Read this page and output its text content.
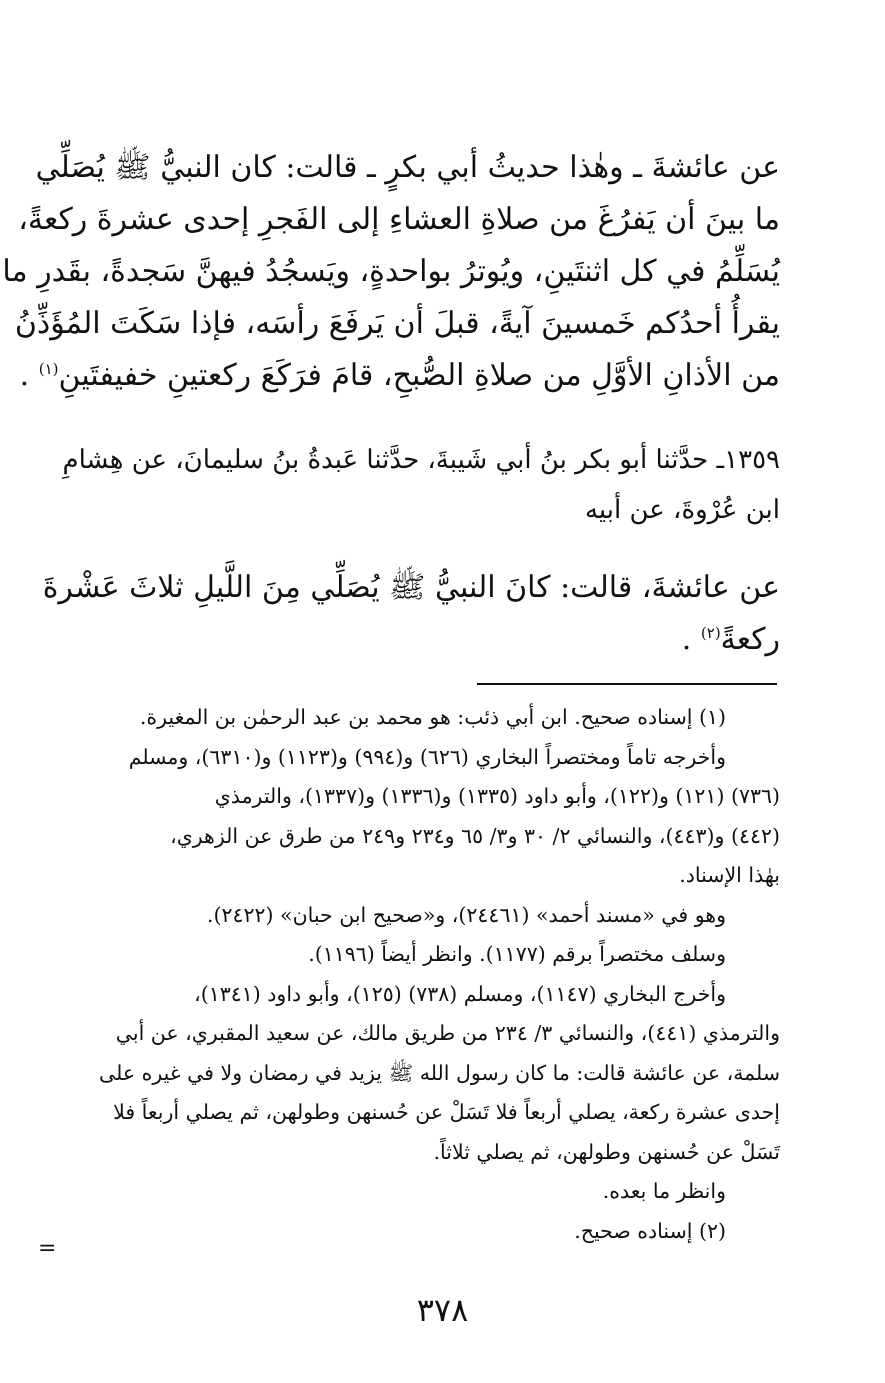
عن عائشةَ ـ وهٰذا حديثُ أبي بكرٍ ـ قالت: كان النبيُّ ﷺ يُصَلِّي

ما بينَ أن يَفرُغَ من صلاةِ العشاءِ إلى الفَجرِ إحدى عشرةَ ركعةً،

يُسَلِّمُ في كل اثنتَينِ، ويُوترُ بواحدةٍ، ويَسجُدُ فيهنَّ سَجدةً، بقَدرِ ما

يقرأُ أحدُكم خَمسينَ آيةً، قبلَ أن يَرفَعَ رأسَه، فإذا سَكَتَ المُؤَذِّنُ

من الأذانِ الأوَّلِ من صلاةِ الصُّبحِ، قامَ فرَكَعَ ركعتينِ خفيفتَينِ$^{(١)}$ .

١٣٥٩ـ حدَّثنا أبو بكر بنُ أبي شَيبةَ، حدَّثنا عَبدةُ بنُ سليمانَ، عن هِشامِ

ابن عُرْوةَ، عن أبيه

عن عائشةَ، قالت: كانَ النبيُّ ﷺ يُصَلِّي مِنَ اللَّيلِ ثلاثَ عَشْرةَ

ركعةً$^{(٢)}$ .

(١) إسناده صحيح. ابن أبي ذئب: هو محمد بن عبد الرحمٰن بن المغيرة.

وأخرجه تاماً ومختصراً البخاري (٦٢٦) و(٩٩٤) و(١١٢٣) و(٦٣١٠)، ومسلم

(٧٣٦) (١٢١) و(١٢٢)، وأبو داود (١٣٣٥) و(١٣٣٦) و(١٣٣٧)، والترمذي

(٤٤٢) و(٤٤٣)، والنسائي ٢/ ٣٠ و٣/ ٦٥ و٢٣٤ و٢٤٩ من طرق عن الزهري،

بهٰذا الإسناد.

وهو في «مسند أحمد» (٢٤٤٦١)، و«صحيح ابن حبان» (٢٤٢٢).

وسلف مختصراً برقم (١١٧٧). وانظر أيضاً (١١٩٦).

وأخرج البخاري (١١٤٧)، ومسلم (٧٣٨) (١٢٥)، وأبو داود (١٣٤١)،

والترمذي (٤٤١)، والنسائي ٣/ ٢٣٤ من طريق مالك، عن سعيد المقبري، عن أبي

سلمة، عن عائشة قالت: ما كان رسول الله ﷺ يزيد في رمضان ولا في غيره على

إحدى عشرة ركعة، يصلي أربعاً فلا تَسَلْ عن حُسنهن وطولهن، ثم يصلي أربعاً فلا

تَسَلْ عن حُسنهن وطولهن، ثم يصلي ثلاثاً.

وانظر ما بعده.

(٢) إسناده صحيح.

=
٣٧٨
